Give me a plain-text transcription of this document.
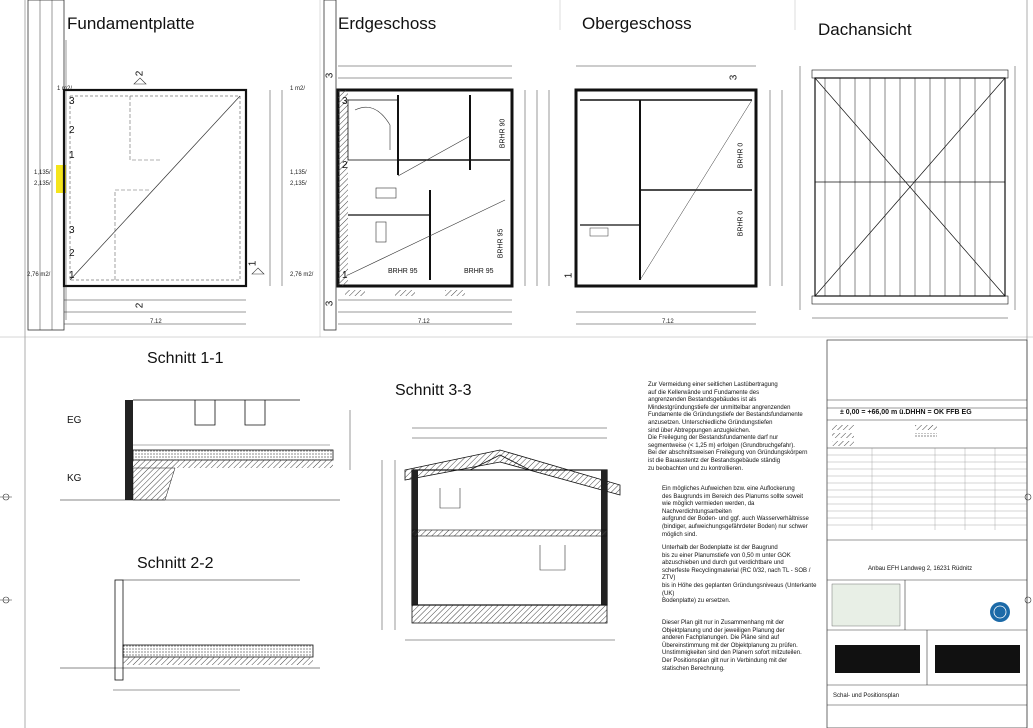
Fundamentplatte	Erdgeschoss	Obergeschoss	Dachansicht
1 m2/
1,135/
2,135/
2,76 m2/
3
2
1
3
2
1
1 m2/
1,135/
2,135/
2,76 m2/
3
2
1
BRHR 90
BRHR 95
BRHR 95	BRHR 95
BRHR 0
BRHR 0
2	3	3
2
1
1
3
7.12	7.12	7.12
Schnitt 1-1
Schnitt 2-2
Schnitt 3-3
EG
KG
Zur Vermeidung einer seitlichen Lastübertragung
auf die Kellerwände und Fundamente des
angrenzenden Bestandsgebäudes ist als
Mindestgründungstiefe der unmittelbar angrenzenden
Fundamente die Gründungstiefe der Bestandsfundamente
anzusetzen. Unterschiedliche Gründungstiefen
sind über Abtreppungen anzugleichen.
Die Freilegung der Bestandsfundamente darf nur
segmentweise (< 1,25 m) erfolgen (Grundbruchgefahr).
Bei der abschnittsweisen Freilegung von Gründungskörpern
ist die Bauaustentz der Bestandsgebäude ständig
zu beobachten und zu kontrollieren.
Ein mögliches Aufweichen bzw. eine Auflockerung
des Baugrunds im Bereich des Planums sollte soweit
wie möglich vermieden werden, da Nachverdichtungsarbeiten
aufgrund der Boden- und ggf. auch Wasserverhältnisse
(bindiger, aufweichungsgefährdeter Boden) nur schwer
möglich sind.
Unterhalb der Bodenplatte ist der Baugrund
bis zu einer Planumstiefe von 0,50 m unter GOK
abzuschieben und durch gut verdichtbare und
scherfeste Recyclingmaterial (RC 0/32, nach TL - SOB / ZTV)
bis in Höhe des geplanten Gründungsniveaus (Unterkante (UK)
Bodenplatte) zu ersetzen.
Dieser Plan gilt nur in Zusammenhang mit der
Objektplanung und der jeweiligen Planung der
anderen Fachplanungen. Die Pläne sind auf
Übereinstimmung mit der Objektplanung zu prüfen.
Unstimmigkeiten sind den Planern sofort mitzuteilen.
Der Positionsplan gilt nur in Verbindung mit der
statischen Berechnung.
± 0,00 = +66,00 m ü.DHHN = OK FFB EG
Anbau EFH Landweg 2, 16231 Rüdnitz
Schal- und Positionsplan
